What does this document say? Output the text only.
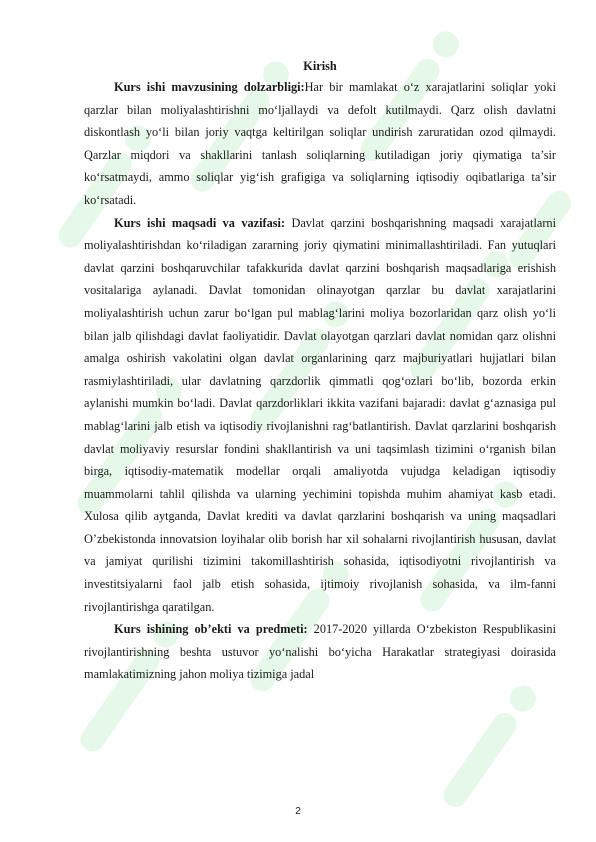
Kirish

Kurs ishi mavzusining dolzarbligi:Har bir mamlakat o‘z xarajatlarini soliqlar yoki qarzlar bilan moliyalashtirishni mo‘ljallaydi va defolt kutilmaydi. Qarz olish davlatni diskontlash yo‘li bilan joriy vaqtga keltirilgan soliqlar undirish zaruratidan ozod qilmaydi. Qarzlar miqdori va shakllarini tanlash soliqlarning kutiladigan joriy qiymatiga ta’sir ko‘rsatmaydi, ammo soliqlar yig‘ish grafigiga va soliqlarning iqtisodiy oqibatlariga ta’sir ko‘rsatadi.

Kurs ishi maqsadi va vazifasi: Davlat qarzini boshqarishning maqsadi xarajatlarni moliyalashtirishdan ko‘riladigan zararning joriy qiymatini minimallashtiriladi. Fan yutuqlari davlat qarzini boshqaruvchilar tafakkurida davlat qarzini boshqarish maqsadlariga erishish vositalariga aylanadi. Davlat tomonidan olinayotgan qarzlar bu davlat xarajatlarini moliyalashtirish uchun zarur bo‘lgan pul mablag‘larini moliya bozorlaridan qarz olish yo‘li bilan jalb qilishdagi davlat faoliyatidir. Davlat olayotgan qarzlari davlat nomidan qarz olishni amalga oshirish vakolatini olgan davlat organlarining qarz majburiyatlari hujjatlari bilan rasmiylashtiriladi, ular davlatning qarzdorlik qimmatli qog‘ozlari bo‘lib, bozorda erkin aylanishi mumkin bo‘ladi. Davlat qarzdorliklari ikkita vazifani bajaradi: davlat g‘aznasiga pul mablag‘larini jalb etish va iqtisodiy rivojlanishni rag‘batlantirish. Davlat qarzlarini boshqarish davlat moliyaviy resurslar fondini shakllantirish va uni taqsimlash tizimini o‘rganish bilan birga, iqtisodiy-matematik modellar orqali amaliyotda vujudga keladigan iqtisodiy muammolarni tahlil qilishda va ularning yechimini topishda muhim ahamiyat kasb etadi. Xulosa qilib aytganda, Davlat krediti va davlat qarzlarini boshqarish va uning maqsadlari O’zbekistonda innovatsion loyihalar olib borish har xil sohalarni rivojlantirish hususan, davlat va jamiyat qurilishi tizimini takomillashtirish sohasida, iqtisodiyotni rivojlantirish va investitsiyalarni faol jalb etish sohasida, ijtimoiy rivojlanish sohasida, va ilm-fanni rivojlantirishga qaratilgan.

Kurs ishining ob’ekti va predmeti: 2017-2020 yillarda O‘zbekiston Respublikasini rivojlantirishning beshta ustuvor yo‘nalishi bo‘yicha Harakatlar strategiyasi doirasida mamlakatimizning jahon moliya tizimiga jadal

2
